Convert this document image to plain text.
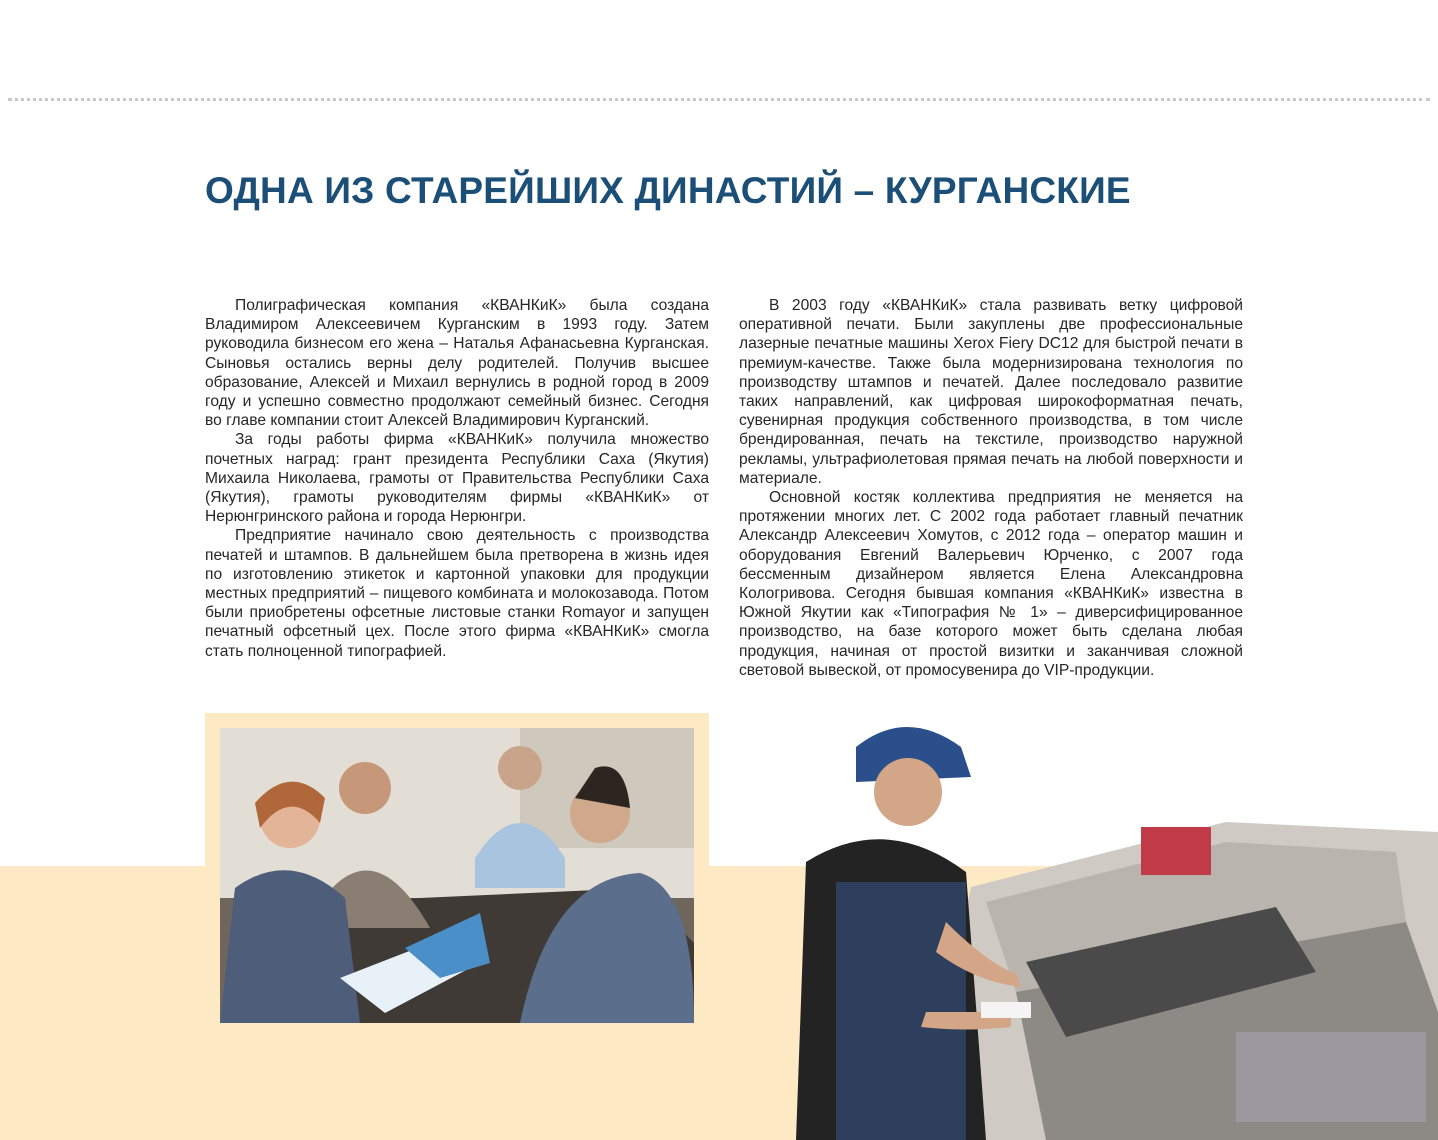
ОДНА ИЗ СТАРЕЙШИХ ДИНАСТИЙ – КУРГАНСКИЕ

Полиграфическая компания «КВАНКиК» была создана Владимиром Алексеевичем Курганским в 1993 году. Затем руководила бизнесом его жена – Наталья Афанасьевна Курганская. Сыновья остались верны делу родителей. Получив высшее образование, Алексей и Михаил вернулись в родной город в 2009 году и успешно совместно продолжают семейный бизнес. Сегодня во главе компании стоит Алексей Владимирович Курганский.

За годы работы фирма «КВАНКиК» получила множество почетных наград: грант президента Республики Саха (Якутия) Михаила Николаева, грамоты от Правительства Республики Саха (Якутия), грамоты руководителям фирмы «КВАНКиК» от Нерюнгринского района и города Нерюнгри.

Предприятие начинало свою деятельность с производства печатей и штампов. В дальнейшем была претворена в жизнь идея по изготовлению этикеток и картонной упаковки для продукции местных предприятий – пищевого комбината и молокозавода. Потом были приобретены офсетные листовые станки Romayor и запущен печатный офсетный цех. После этого фирма «КВАНКиК» смогла стать полноценной типографией.

В 2003 году «КВАНКиК» стала развивать ветку цифровой оперативной печати. Были закуплены две профессиональные лазерные печатные машины Xerox Fiery DC12 для быстрой печати в премиум-качестве. Также была модернизирована технология по производству штампов и печатей. Далее последовало развитие таких направлений, как цифровая широкоформатная печать, сувенирная продукция собственного производства, в том числе брендированная, печать на текстиле, производство наружной рекламы, ультрафиолетовая прямая печать на любой поверхности и материале.

Основной костяк коллектива предприятия не меняется на протяжении многих лет. С 2002 года работает главный печатник Александр Алексеевич Хомутов, с 2012 года – оператор машин и оборудования Евгений Валерьевич Юрченко, с 2007 года бессменным дизайнером является Елена Александровна Кологривова. Сегодня бывшая компания «КВАНКиК» известна в Южной Якутии как «Типография № 1» – диверсифицированное производство, на базе которого может быть сделана любая продукция, начиная от простой визитки и заканчивая сложной световой вывеской, от промосувенира до VIP-продукции.
